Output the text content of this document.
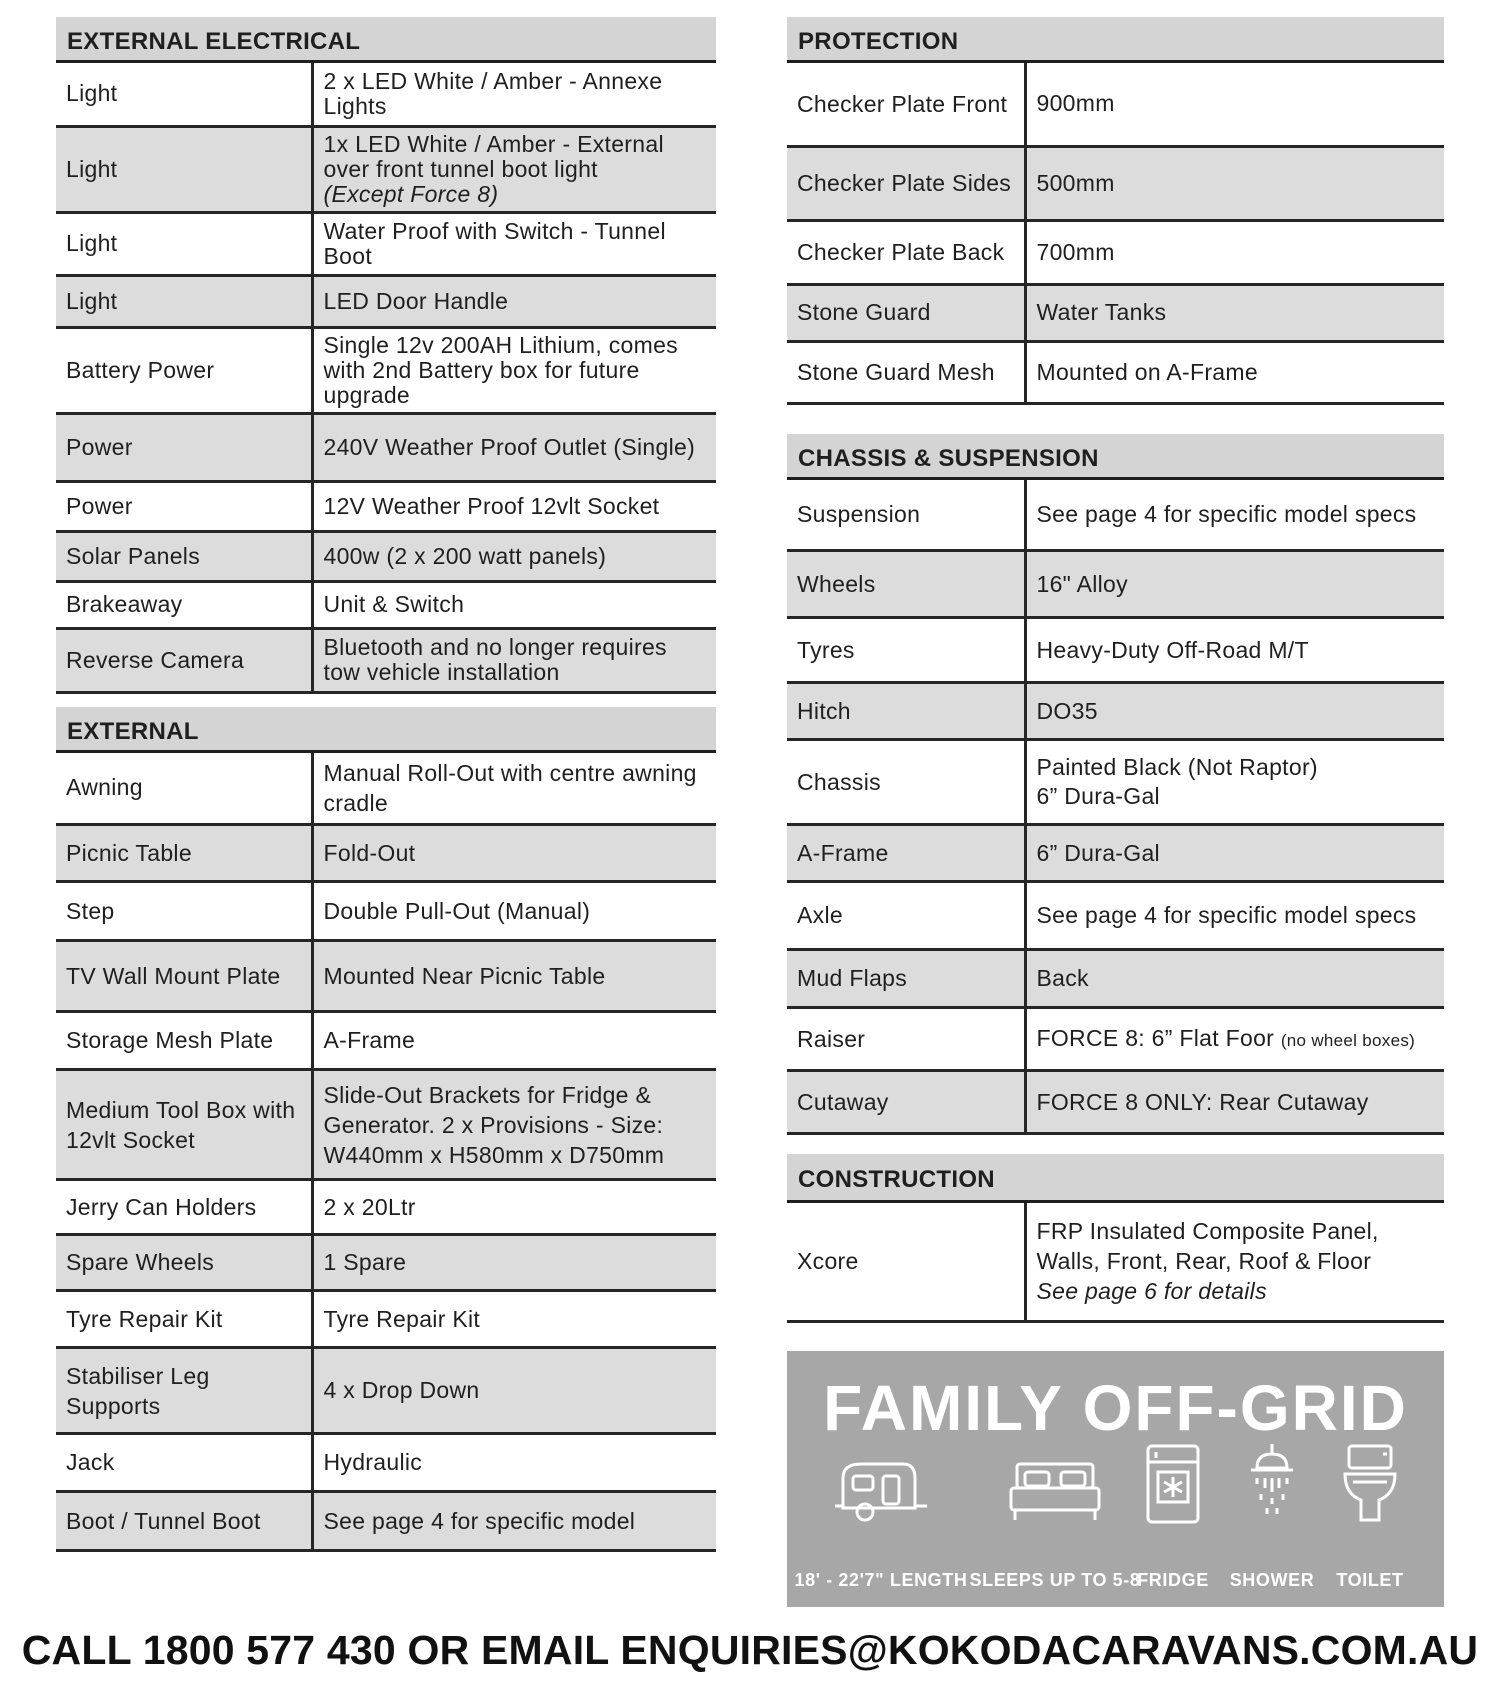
EXTERNAL ELECTRICAL
Light	2 x LED White / Amber - Annexe Lights
Light	1x LED White / Amber - External over front tunnel boot light
(Except Force 8)
Light	Water Proof with Switch - Tunnel Boot
Light	LED Door Handle
Battery Power	Single 12v 200AH Lithium, comes with 2nd Battery box for future upgrade
Power	240V Weather Proof Outlet (Single)
Power	12V Weather Proof 12vlt Socket
Solar Panels	400w (2 x 200 watt panels)
Brakeaway	Unit & Switch
Reverse Camera	Bluetooth and no longer requires tow vehicle installation
EXTERNAL
Awning	Manual Roll-Out with centre awning cradle
Picnic Table	Fold-Out
Step	Double Pull-Out (Manual)
TV Wall Mount Plate	Mounted Near Picnic Table
Storage Mesh Plate	A-Frame
Medium Tool Box with 12vlt Socket	Slide-Out Brackets for Fridge & Generator. 2 x Provisions - Size: W440mm x H580mm x D750mm
Jerry Can Holders	2 x 20Ltr
Spare Wheels	1 Spare
Tyre Repair Kit	Tyre Repair Kit
Stabiliser Leg Supports	4 x Drop Down
Jack	Hydraulic
Boot / Tunnel Boot	See page 4 for specific model
PROTECTION
Checker Plate Front	900mm
Checker Plate Sides	500mm
Checker Plate Back	700mm
Stone Guard	Water Tanks
Stone Guard Mesh	Mounted on A-Frame
CHASSIS & SUSPENSION
Suspension	See page 4 for specific model specs
Wheels	16" Alloy
Tyres	Heavy-Duty Off-Road M/T
Hitch	DO35
Chassis	Painted Black (Not Raptor)
6” Dura-Gal
A-Frame	6” Dura-Gal
Axle	See page 4 for specific model specs
Mud Flaps	Back
Raiser	FORCE 8: 6” Flat Foor (no wheel boxes)
Cutaway	FORCE 8 ONLY: Rear Cutaway
CONSTRUCTION
Xcore	FRP Insulated Composite Panel, Walls, Front, Rear, Roof & Floor
See page 6 for details
FAMILY OFF-GRID
18' - 22'7" LENGTH SLEEPS UP TO 5-8
FRIDGE SHOWER TOILET
CALL 1800 577 430 OR EMAIL ENQUIRIES@KOKODACARAVANS.COM.AU
